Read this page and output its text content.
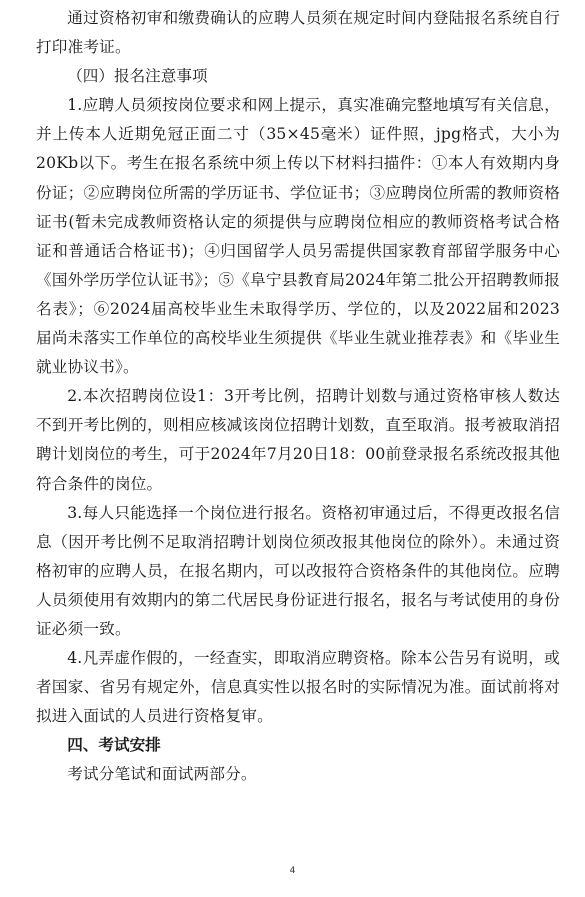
通过资格初审和缴费确认的应聘人员须在规定时间内登陆报名系统自行打印准考证。

（四）报名注意事项

1.应聘人员须按岗位要求和网上提示，真实准确完整地填写有关信息，并上传本人近期免冠正面二寸（35×45毫米）证件照，jpg格式，大小为20Kb以下。考生在报名系统中须上传以下材料扫描件：①本人有效期内身份证；②应聘岗位所需的学历证书、学位证书；③应聘岗位所需的教师资格证书(暂未完成教师资格认定的须提供与应聘岗位相应的教师资格考试合格证和普通话合格证书)；④归国留学人员另需提供国家教育部留学服务中心《国外学历学位认证书》；⑤《阜宁县教育局2024年第二批公开招聘教师报名表》；⑥2024届高校毕业生未取得学历、学位的，以及2022届和2023届尚未落实工作单位的高校毕业生须提供《毕业生就业推荐表》和《毕业生就业协议书》。

2.本次招聘岗位设1：3开考比例，招聘计划数与通过资格审核人数达不到开考比例的，则相应核减该岗位招聘计划数，直至取消。报考被取消招聘计划岗位的考生，可于2024年7月20日18：00前登录报名系统改报其他符合条件的岗位。

3.每人只能选择一个岗位进行报名。资格初审通过后，不得更改报名信息（因开考比例不足取消招聘计划岗位须改报其他岗位的除外）。未通过资格初审的应聘人员，在报名期内，可以改报符合资格条件的其他岗位。应聘人员须使用有效期内的第二代居民身份证进行报名，报名与考试使用的身份证必须一致。

4.凡弄虚作假的，一经查实，即取消应聘资格。除本公告另有说明，或者国家、省另有规定外，信息真实性以报名时的实际情况为准。面试前将对拟进入面试的人员进行资格复审。

四、考试安排

考试分笔试和面试两部分。

4
